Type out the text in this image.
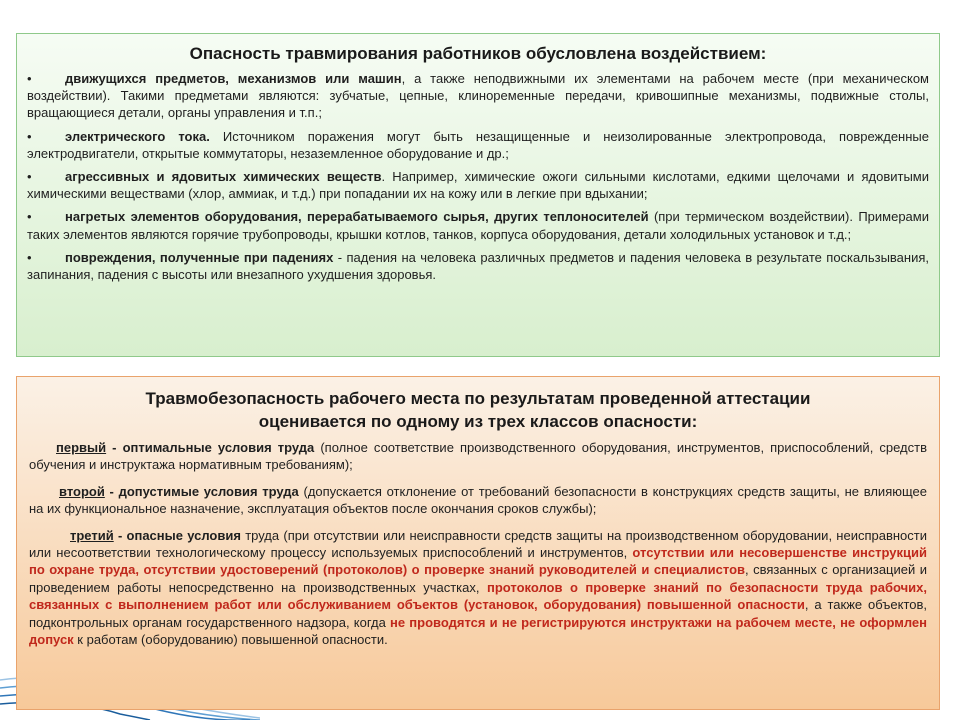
Опасность травмирования работников обусловлена воздействием:
•	движущихся предметов, механизмов или машин, а также неподвижными их элементами на рабочем месте (при механическом воздействии). Такими предметами являются: зубчатые, цепные, клиноременные передачи, кривошипные механизмы, подвижные столы, вращающиеся детали, органы управления и т.п.;
•	электрического тока. Источником поражения могут быть незащищенные и неизолированные электропровода, поврежденные электродвигатели, открытые коммутаторы, незаземленное оборудование и др.;
•	агрессивных и ядовитых химических веществ. Например, химические ожоги сильными кислотами, едкими щелочами и ядовитыми химическими веществами (хлор, аммиак, и т.д.) при попадании их на кожу или в легкие при вдыхании;
•	нагретых элементов оборудования, перерабатываемого сырья, других теплоносителей (при термическом воздействии). Примерами таких элементов являются горячие трубопроводы, крышки котлов, танков, корпуса оборудования, детали холодильных установок и т.д.;
•	повреждения, полученные при падениях - падения на человека различных предметов и падения человека в результате поскальзывания, запинания, падения с высоты или внезапного ухудшения здоровья.
Травмобезопасность рабочего места по результатам проведенной аттестации
оценивается по одному из трех классов опасности:
первый - оптимальные условия труда (полное соответствие производственного оборудования, инструментов, приспособлений, средств обучения и инструктажа нормативным требованиям);
второй - допустимые условия труда (допускается отклонение от требований безопасности в конструкциях средств защиты, не влияющее на их функциональное назначение, эксплуатация объектов после окончания сроков службы);
третий - опасные условия труда (при отсутствии или неисправности средств защиты на производственном оборудовании, неисправности или несоответствии технологическому процессу используемых приспособлений и инструментов, отсутствии или несовершенстве инструкций по охране труда, отсутствии удостоверений (протоколов) о проверке знаний руководителей и специалистов, связанных с организацией и проведением работы непосредственно на производственных участках, протоколов о проверке знаний по безопасности труда рабочих, связанных с выполнением работ или обслуживанием объектов (установок, оборудования) повышенной опасности, а также объектов, подконтрольных органам государственного надзора, когда не проводятся и не регистрируются инструктажи на рабочем месте, не оформлен допуск к работам (оборудованию) повышенной опасности.
